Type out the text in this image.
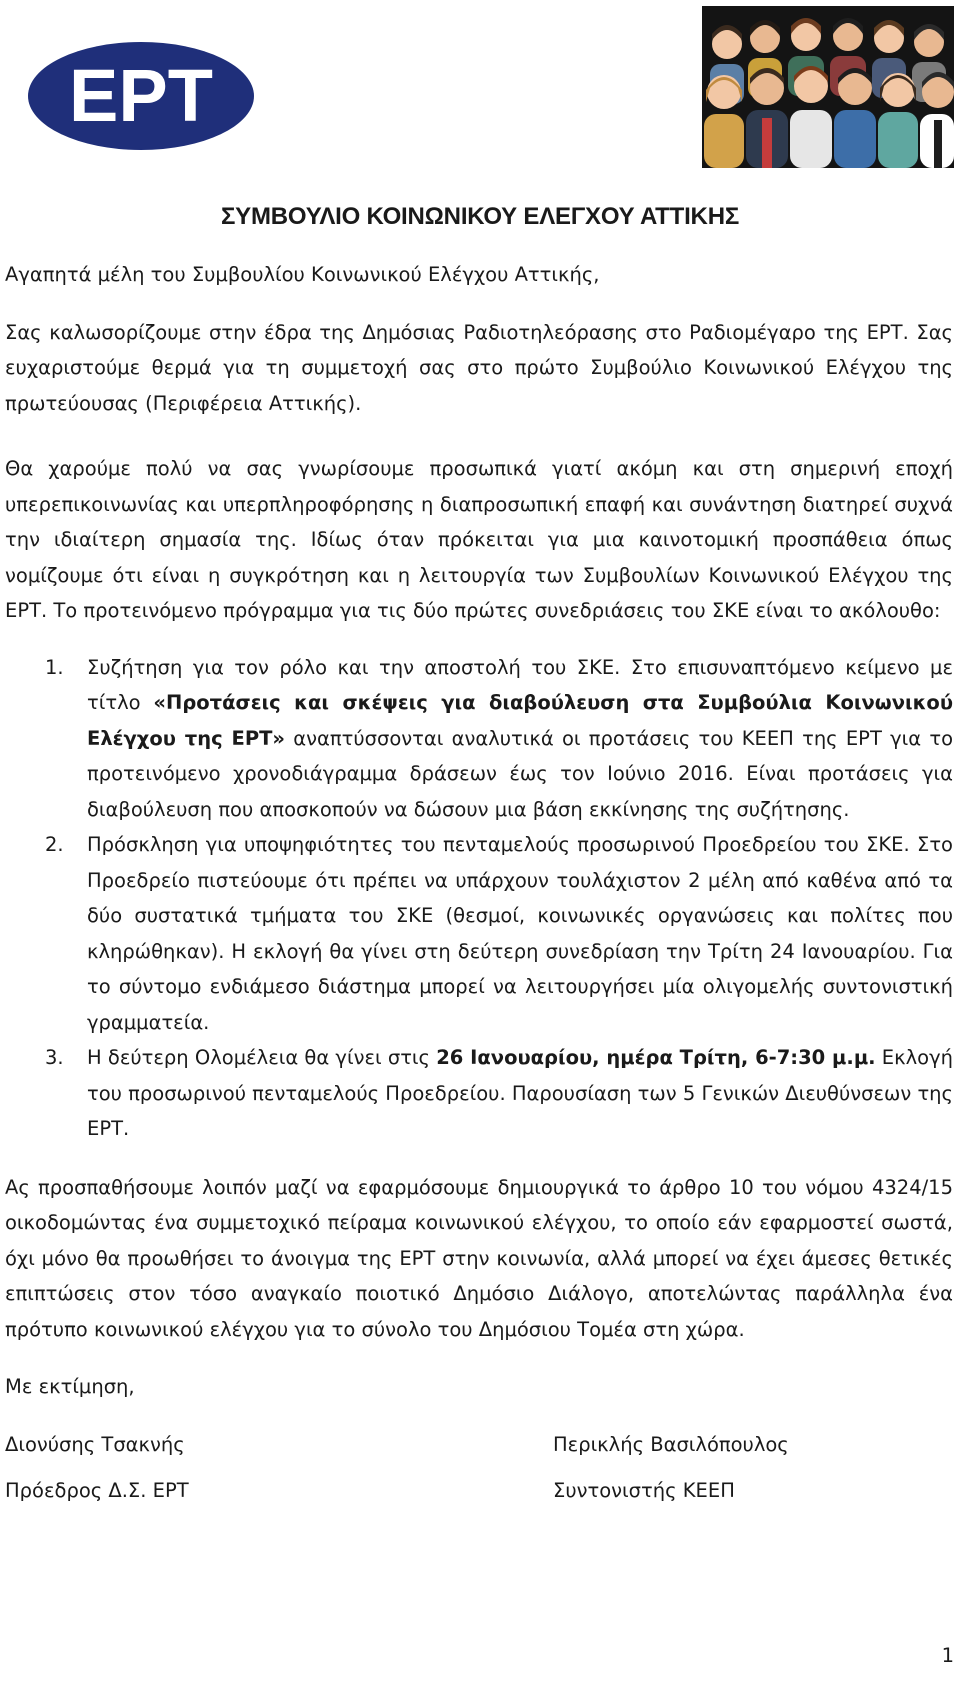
EPT
ΣΥΜΒΟΥΛΙΟ ΚΟΙΝΩΝΙΚΟΥ ΕΛΕΓΧΟΥ ΑΤΤΙΚΗΣ

Αγαπητά μέλη του Συμβουλίου Κοινωνικού Ελέγχου Αττικής,

Σας καλωσορίζουμε στην έδρα της Δημόσιας Ραδιοτηλεόρασης στο Ραδιομέγαρο της ΕΡΤ. Σας ευχαριστούμε θερμά για τη συμμετοχή σας στο πρώτο Συμβούλιο Κοινωνικού Ελέγχου της πρωτεύουσας (Περιφέρεια Αττικής).

Θα χαρούμε πολύ να σας γνωρίσουμε προσωπικά γιατί ακόμη και στη σημερινή εποχή υπερεπικοινωνίας και υπερπληροφόρησης η διαπροσωπική επαφή και συνάντηση διατηρεί συχνά την ιδιαίτερη σημασία της. Ιδίως όταν πρόκειται για μια καινοτομική προσπάθεια όπως νομίζουμε ότι είναι η συγκρότηση και η λειτουργία των Συμβουλίων Κοινωνικού Ελέγχου της ΕΡΤ. Το προτεινόμενο πρόγραμμα για τις δύο πρώτες συνεδριάσεις του ΣΚΕ είναι το ακόλουθο:

1. Συζήτηση για τον ρόλο και την αποστολή του ΣΚΕ. Στο επισυναπτόμενο κείμενο με τίτλο «Προτάσεις και σκέψεις για διαβούλευση στα Συμβούλια Κοινωνικού Ελέγχου της ΕΡΤ» αναπτύσσονται αναλυτικά οι προτάσεις του ΚΕΕΠ της ΕΡΤ για το προτεινόμενο χρονοδιάγραμμα δράσεων έως τον Ιούνιο 2016. Είναι προτάσεις για διαβούλευση που αποσκοπούν να δώσουν μια βάση εκκίνησης της συζήτησης.
2. Πρόσκληση για υποψηφιότητες του πενταμελούς προσωρινού Προεδρείου του ΣΚΕ. Στο Προεδρείο πιστεύουμε ότι πρέπει να υπάρχουν τουλάχιστον 2 μέλη από καθένα από τα δύο συστατικά τμήματα του ΣΚΕ (θεσμοί, κοινωνικές οργανώσεις και πολίτες που κληρώθηκαν). Η εκλογή θα γίνει στη δεύτερη συνεδρίαση την Τρίτη 24 Ιανουαρίου. Για το σύντομο ενδιάμεσο διάστημα μπορεί να λειτουργήσει μία ολιγομελής συντονιστική γραμματεία.
3. Η δεύτερη Ολομέλεια θα γίνει στις 26 Ιανουαρίου, ημέρα Τρίτη, 6-7:30 μ.μ. Εκλογή του προσωρινού πενταμελούς Προεδρείου. Παρουσίαση των 5 Γενικών Διευθύνσεων της ΕΡΤ.

Ας προσπαθήσουμε λοιπόν μαζί να εφαρμόσουμε δημιουργικά το άρθρο 10 του νόμου 4324/15 οικοδομώντας ένα συμμετοχικό πείραμα κοινωνικού ελέγχου, το οποίο εάν εφαρμοστεί σωστά, όχι μόνο θα προωθήσει το άνοιγμα της ΕΡΤ στην κοινωνία, αλλά μπορεί να έχει άμεσες θετικές επιπτώσεις στον τόσο αναγκαίο ποιοτικό Δημόσιο Διάλογο, αποτελώντας παράλληλα ένα πρότυπο κοινωνικού ελέγχου για το σύνολο του Δημόσιου Τομέα στη χώρα.

Με εκτίμηση,

Διονύσης Τσακνής	Περικλής Βασιλόπουλος
Πρόεδρος Δ.Σ. ΕΡΤ	Συντονιστής ΚΕΕΠ
1
